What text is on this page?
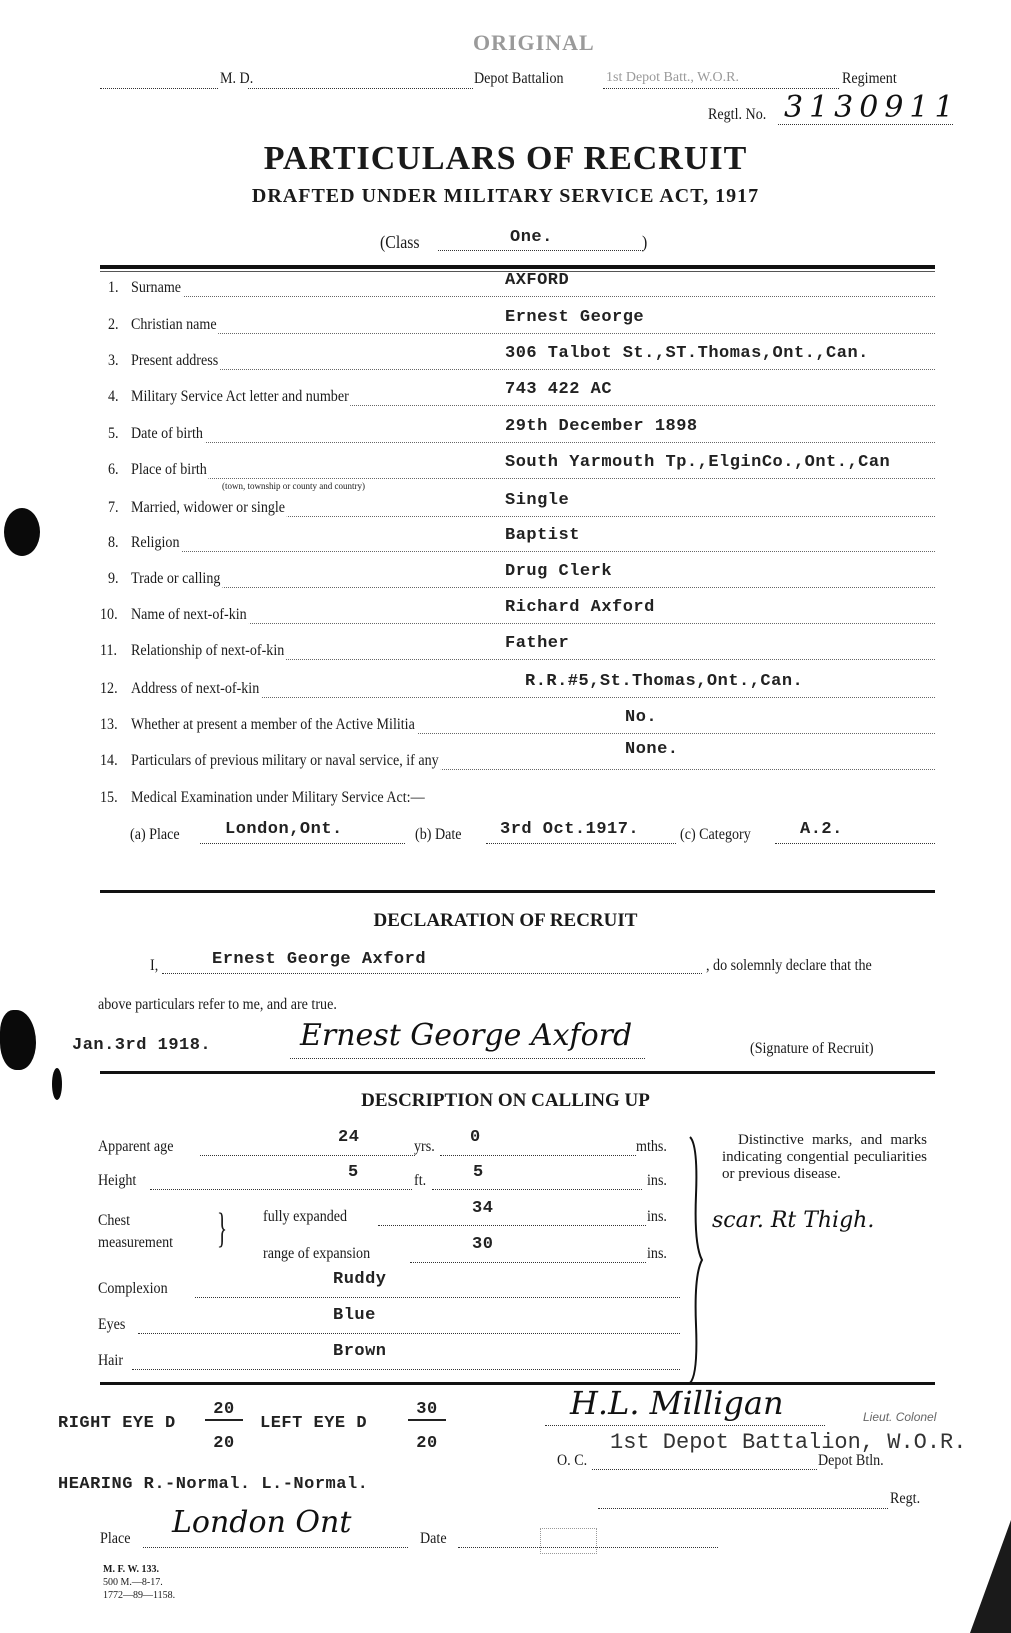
ORIGINAL
M. D.	Depot Battalion	1st Depot Batt., W.O.R.	Regiment
Regtl. No. 3130911
PARTICULARS OF RECRUIT
DRAFTED UNDER MILITARY SERVICE ACT, 1917
(Class	One.	)
1. Surname	AXFORD
2. Christian name	Ernest George
3. Present address	306 Talbot St.,ST.Thomas,Ont.,Can.
4. Military Service Act letter and number	743 422 AC
5. Date of birth	29th December 1898
6. Place of birth	South Yarmouth Tp.,ElginCo.,Ont.,Can
(town, township or county and country)
7. Married, widower or single	Single
8. Religion	Baptist
9. Trade or calling	Drug Clerk
10. Name of next-of-kin	Richard Axford
11. Relationship of next-of-kin	Father
12. Address of next-of-kin	R.R.#5,St.Thomas,Ont.,Can.
13. Whether at present a member of the Active Militia	No.
14. Particulars of previous military or naval service, if any
None.
15. Medical Examination under Military Service Act:—
(a) Place	London,Ont.	(b) Date 3rd Oct.1917.	(c) Category	A.2.
DECLARATION OF RECRUIT
I,	Ernest George Axford	, do solemnly declare that the
above particulars refer to me, and are true.
Jan.3rd 1918.	Ernest George Axford	(Signature of Recruit)
DESCRIPTION ON CALLING UP
Apparent age	24	yrs. 0	mths.
Height	5	ft.	5	ins.
Chest
measurement } fully expanded	34	ins.
range of expansion	30	ins.
Complexion	Ruddy
Eyes	Blue
Hair	Brown
Distinctive marks, and marks indicating congential peculiarities or previous disease.
scar. Rt Thigh.
RIGHT EYE D
20
20
LEFT EYE D
30
20
HEARING R.-Normal. L.-Normal.
H.L. Milligan	Lieut. Colonel
1st Depot Battalion, W.O.R.
O. C.	Depot Btln.
Regt.
Place London Ont	Date
M. F. W. 133.
500 M.—8-17.
1772—89—1158.
